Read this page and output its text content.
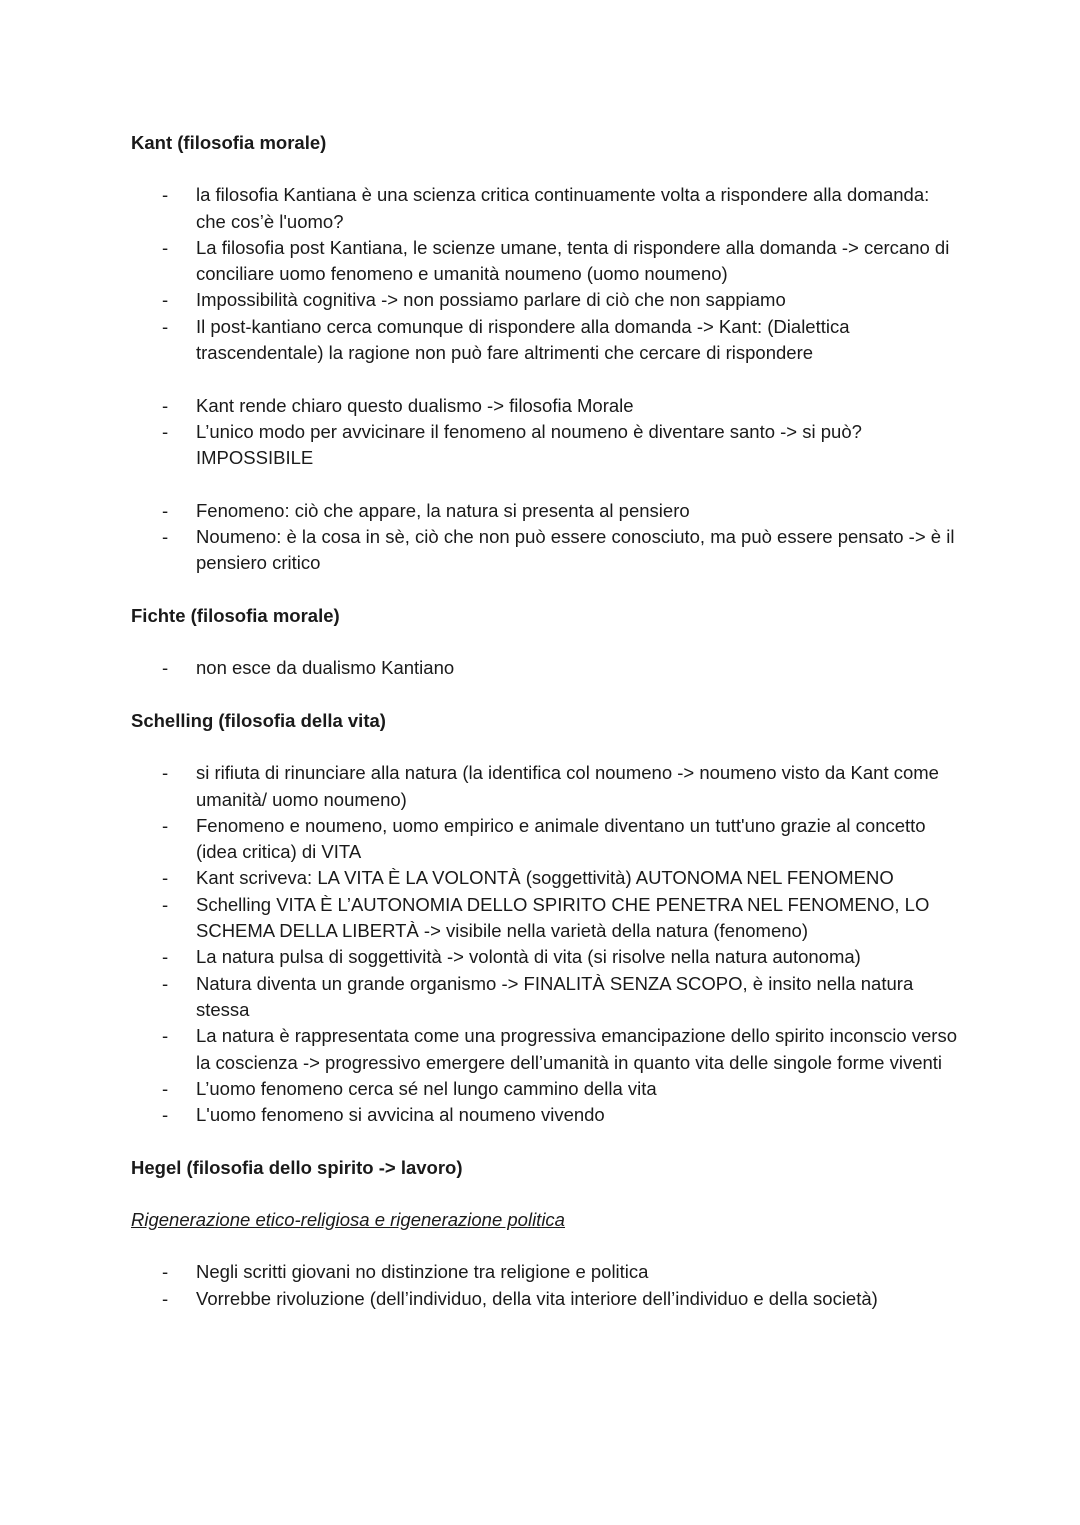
Kant (filosofia morale)
- la filosofia Kantiana è una scienza critica continuamente volta a rispondere alla domanda: che cos’è l'uomo?
- La filosofia post Kantiana, le scienze umane, tenta di rispondere alla domanda -> cercano di conciliare uomo fenomeno e umanità noumeno (uomo noumeno)
- Impossibilità cognitiva -> non possiamo parlare di ciò che non sappiamo
- Il post-kantiano cerca comunque di rispondere alla domanda -> Kant: (Dialettica trascendentale) la ragione non può fare altrimenti che cercare di rispondere
- Kant rende chiaro questo dualismo -> filosofia Morale
- L’unico modo per avvicinare il fenomeno al noumeno è diventare santo -> si può? IMPOSSIBILE
- Fenomeno: ciò che appare, la natura si presenta al pensiero
- Noumeno: è la cosa in sè, ciò che non può essere conosciuto, ma può essere pensato -> è il pensiero critico
Fichte (filosofia morale)
- non esce da dualismo Kantiano
Schelling (filosofia della vita)
- si rifiuta di rinunciare alla natura (la identifica col noumeno -> noumeno visto da Kant come umanità/ uomo noumeno)
- Fenomeno e noumeno, uomo empirico e animale diventano un tutt'uno grazie al concetto (idea critica) di VITA
- Kant scriveva: LA VITA È LA VOLONTÀ (soggettività) AUTONOMA NEL FENOMENO
- Schelling VITA È L’AUTONOMIA DELLO SPIRITO CHE PENETRA NEL FENOMENO, LO SCHEMA DELLA LIBERTÀ -> visibile nella varietà della natura (fenomeno)
- La natura pulsa di soggettività -> volontà di vita (si risolve nella natura autonoma)
- Natura diventa un grande organismo -> FINALITÀ SENZA SCOPO, è insito nella natura stessa
- La natura è rappresentata come una progressiva emancipazione dello spirito inconscio verso la coscienza -> progressivo emergere dell’umanità in quanto vita delle singole forme viventi
- L’uomo fenomeno cerca sé nel lungo cammino della vita
- L'uomo fenomeno si avvicina al noumeno vivendo
Hegel (filosofia dello spirito -> lavoro)
Rigenerazione etico-religiosa e rigenerazione politica
- Negli scritti giovani no distinzione tra religione e politica
- Vorrebbe rivoluzione (dell’individuo, della vita interiore dell’individuo e della società)
